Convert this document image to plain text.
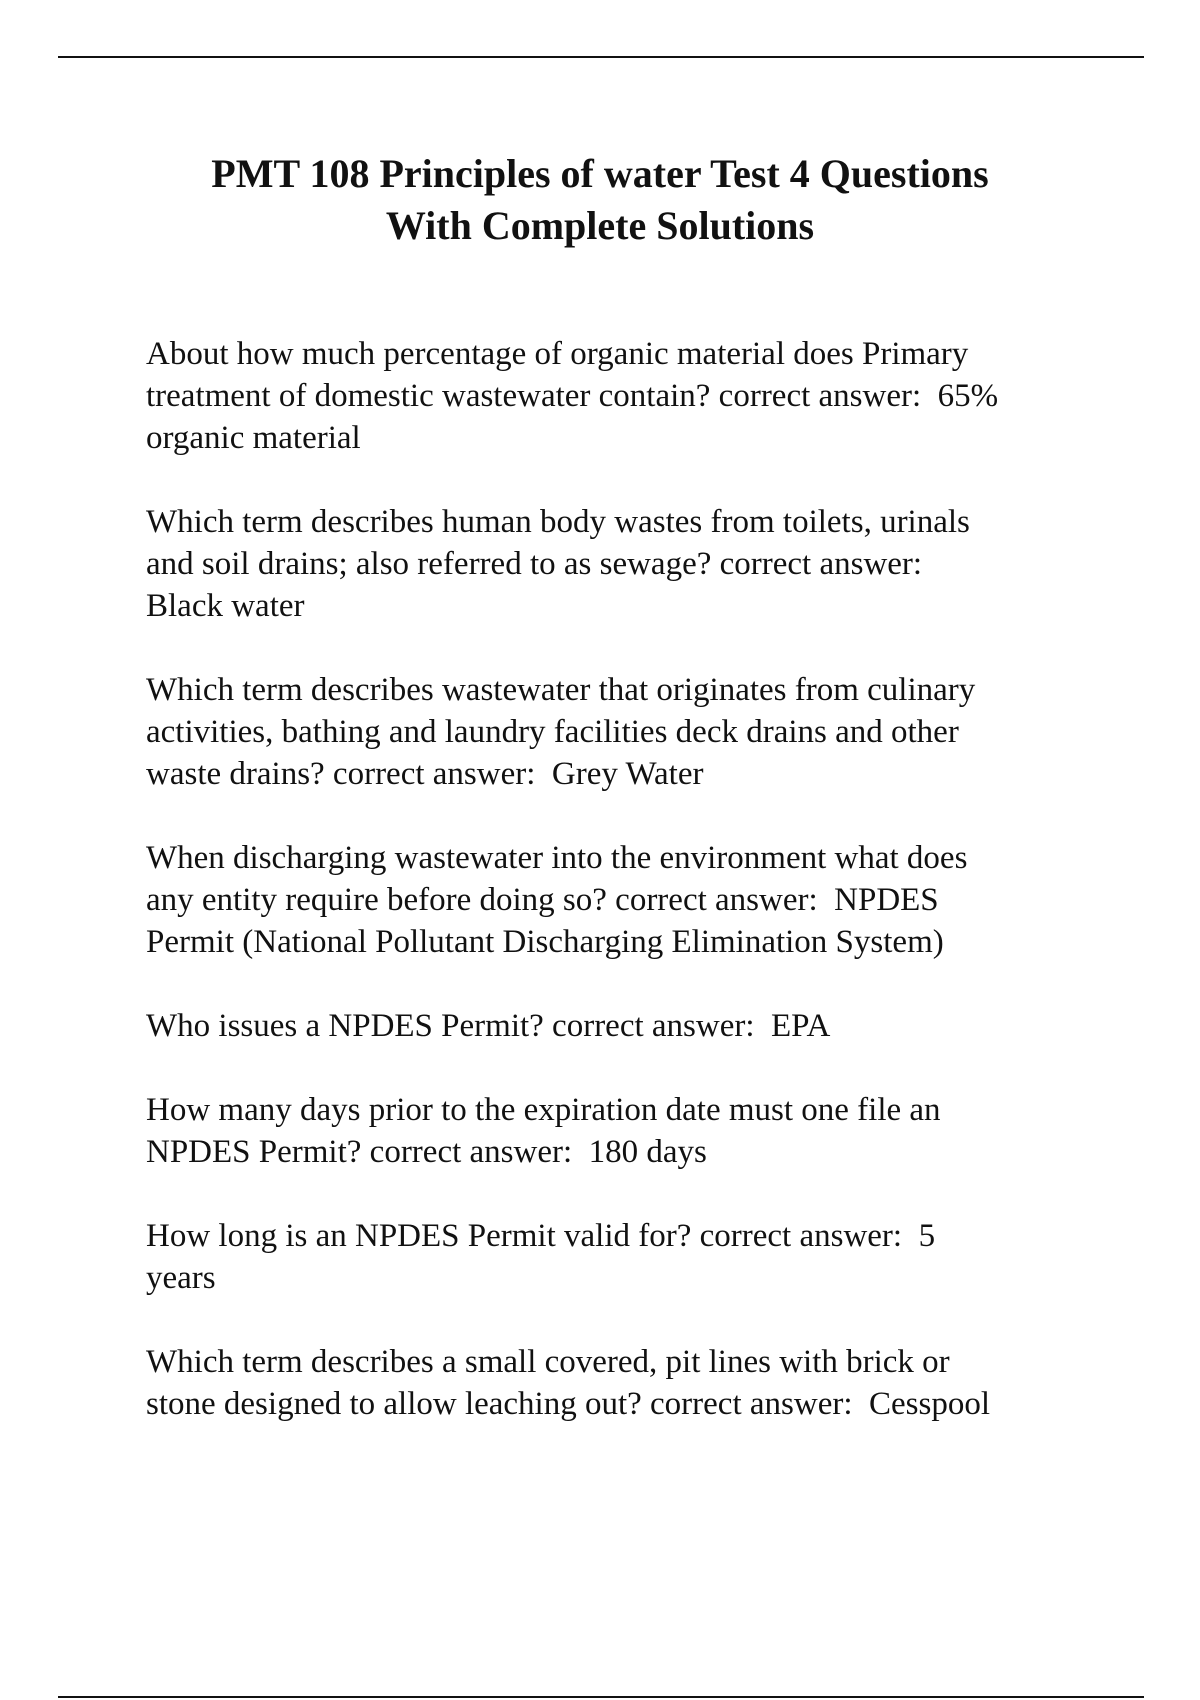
PMT 108 Principles of water Test 4 Questions
With Complete Solutions
About how much percentage of organic material does Primary
treatment of domestic wastewater contain? correct answer:  65%
organic material
Which term describes human body wastes from toilets, urinals
and soil drains; also referred to as sewage? correct answer:
Black water
Which term describes wastewater that originates from culinary
activities, bathing and laundry facilities deck drains and other
waste drains? correct answer:  Grey Water
When discharging wastewater into the environment what does
any entity require before doing so? correct answer:  NPDES
Permit (National Pollutant Discharging Elimination System)
Who issues a NPDES Permit? correct answer:  EPA
How many days prior to the expiration date must one file an
NPDES Permit? correct answer:  180 days
How long is an NPDES Permit valid for? correct answer:  5
years
Which term describes a small covered, pit lines with brick or
stone designed to allow leaching out? correct answer:  Cesspool
